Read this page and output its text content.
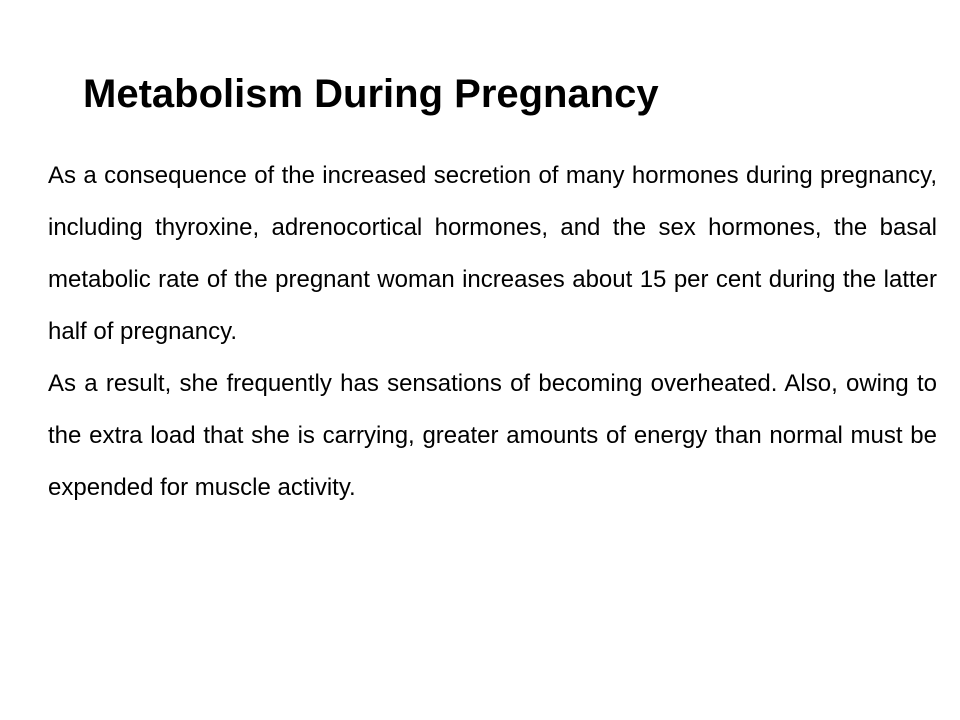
Metabolism During Pregnancy

As a consequence of the increased secretion of many hormones during pregnancy, including thyroxine, adrenocortical hormones, and the sex hormones, the basal metabolic rate of the pregnant woman increases about 15 per cent during the latter half of pregnancy.

As a result, she frequently has sensations of becoming overheated. Also, owing to the extra load that she is carrying, greater amounts of energy than normal must be expended for muscle activity.
